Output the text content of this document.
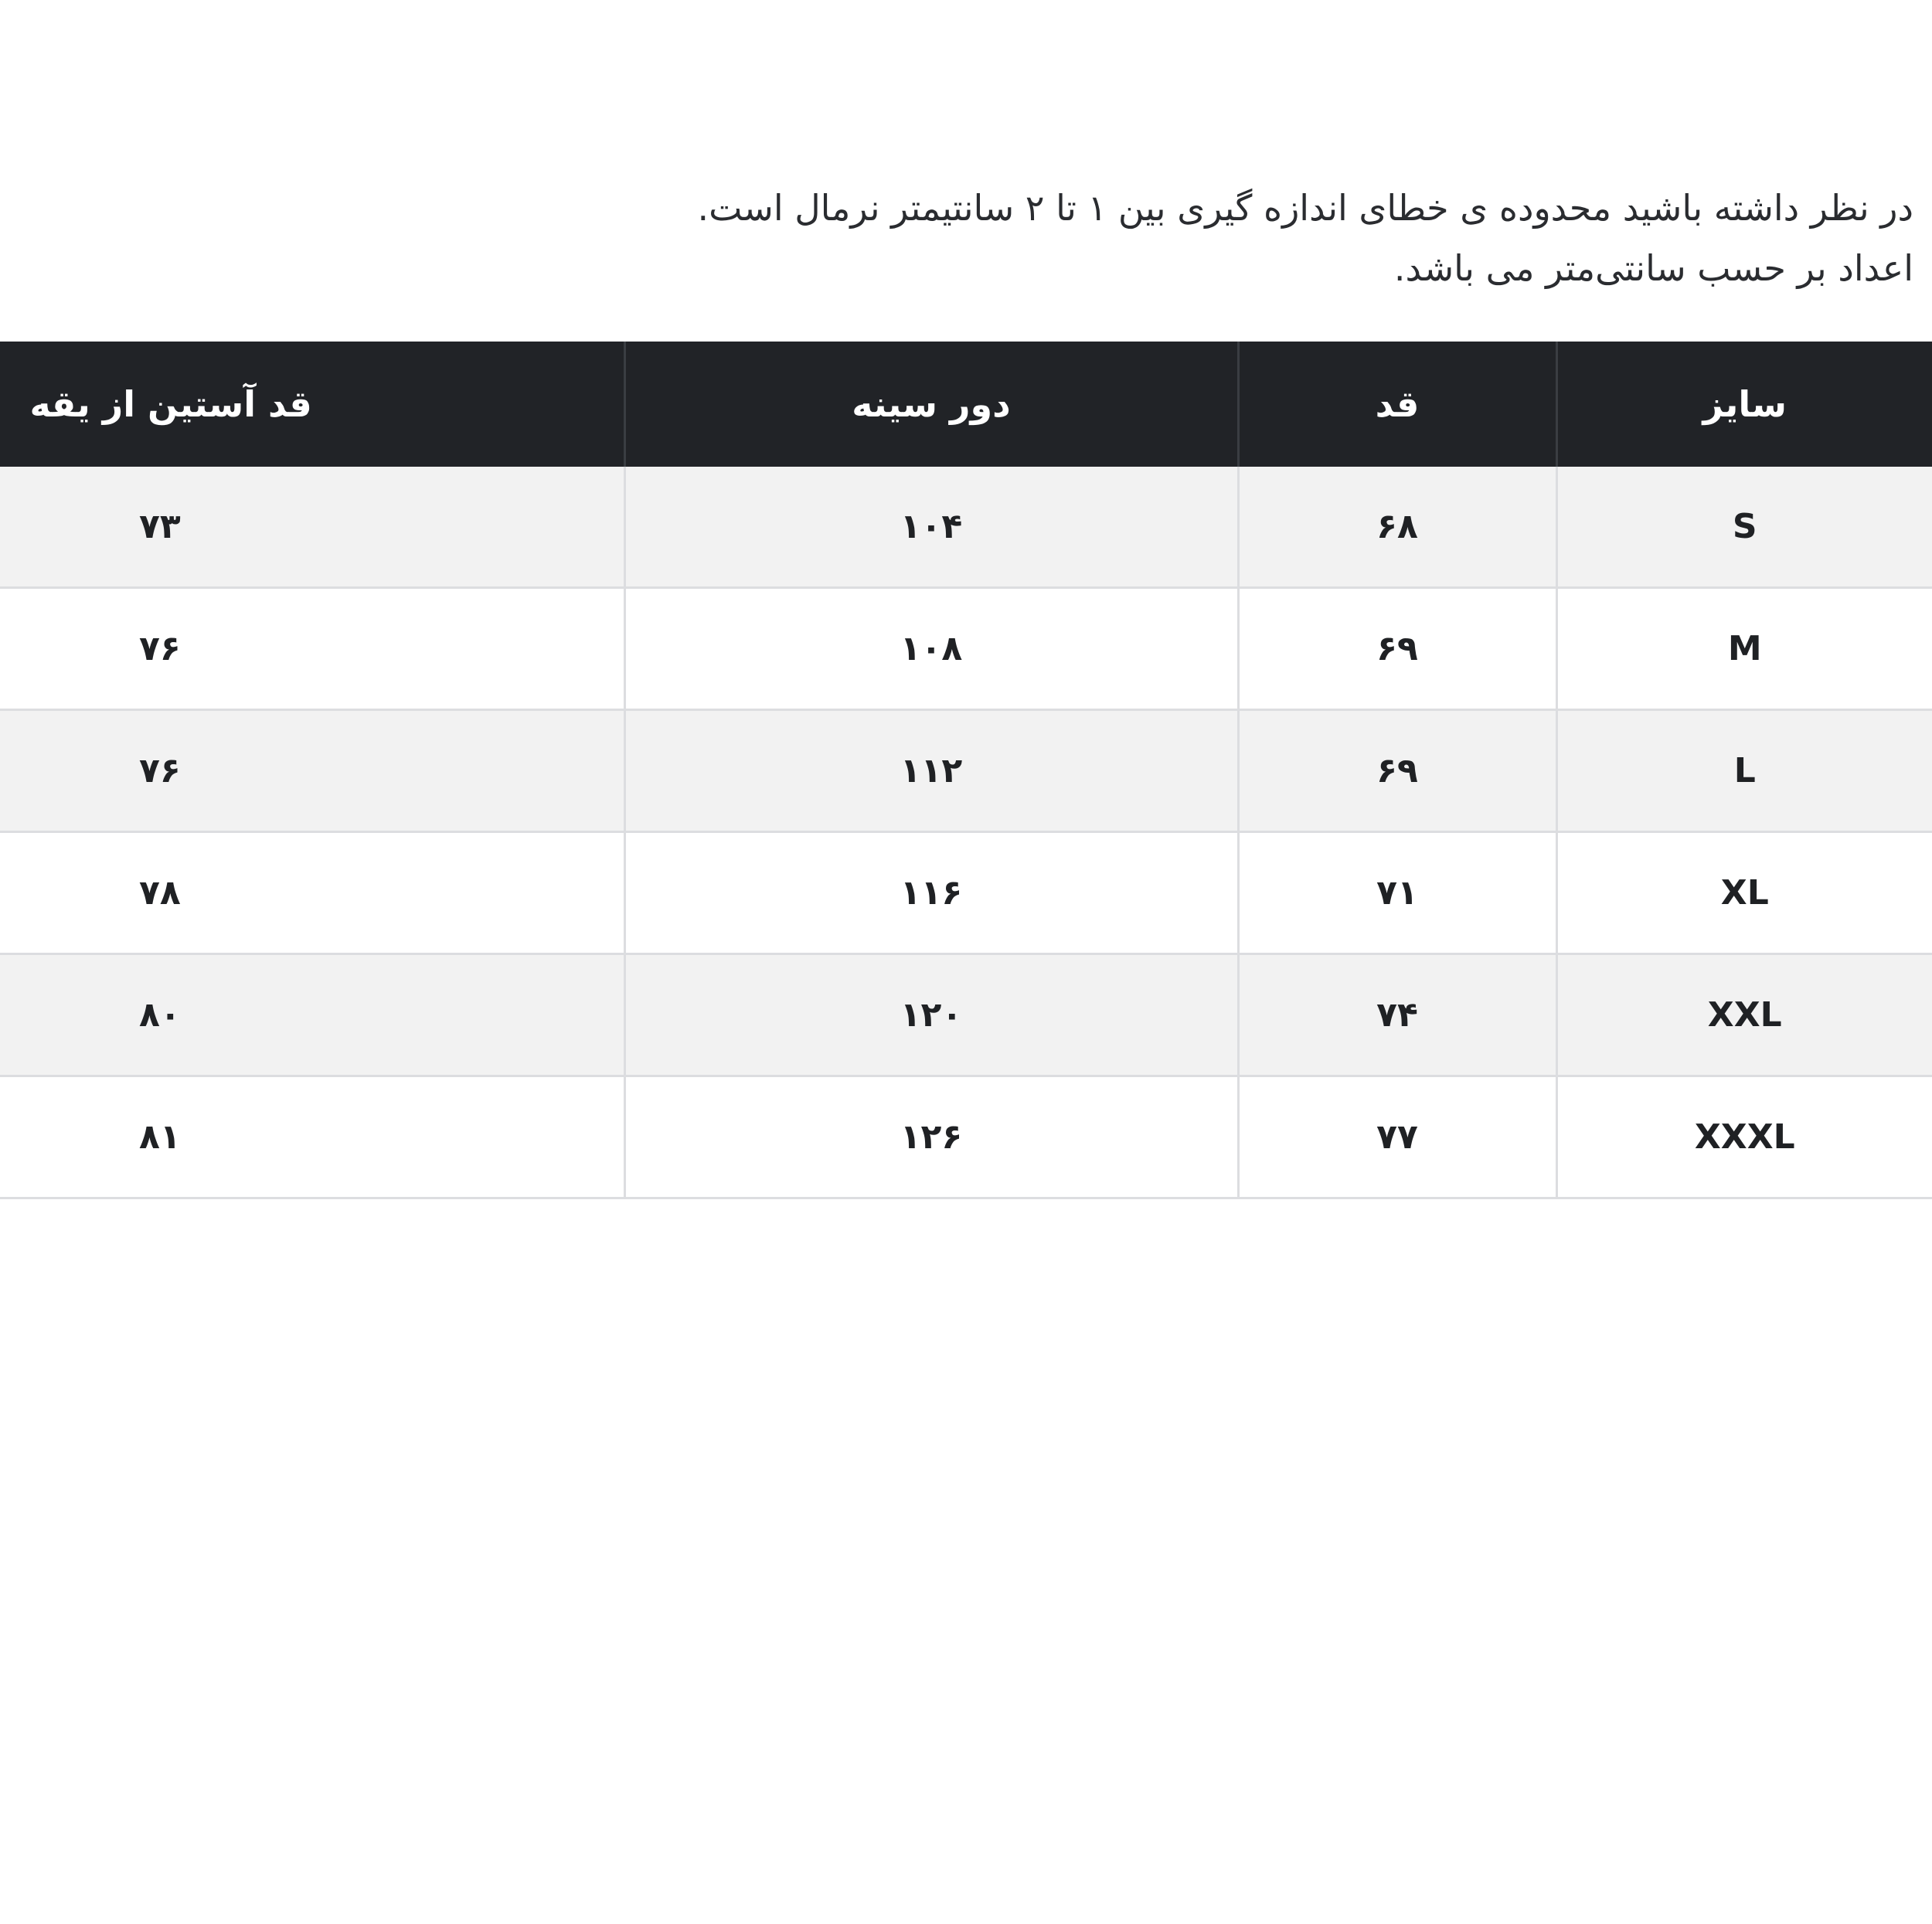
در نظر داشته باشید محدوده ی خطای اندازه گیری بین ۱ تا ۲ سانتیمتر نرمال است.

اعداد بر حسب سانتی‌متر می باشد.

سایز	قد	دور سینه	قد آستین از یقه
S	۶۸	۱۰۴	۷۳
M	۶۹	۱۰۸	۷۶
L	۶۹	۱۱۲	۷۶
XL	۷۱	۱۱۶	۷۸
XXL	۷۴	۱۲۰	۸۰
XXXL	۷۷	۱۲۶	۸۱
